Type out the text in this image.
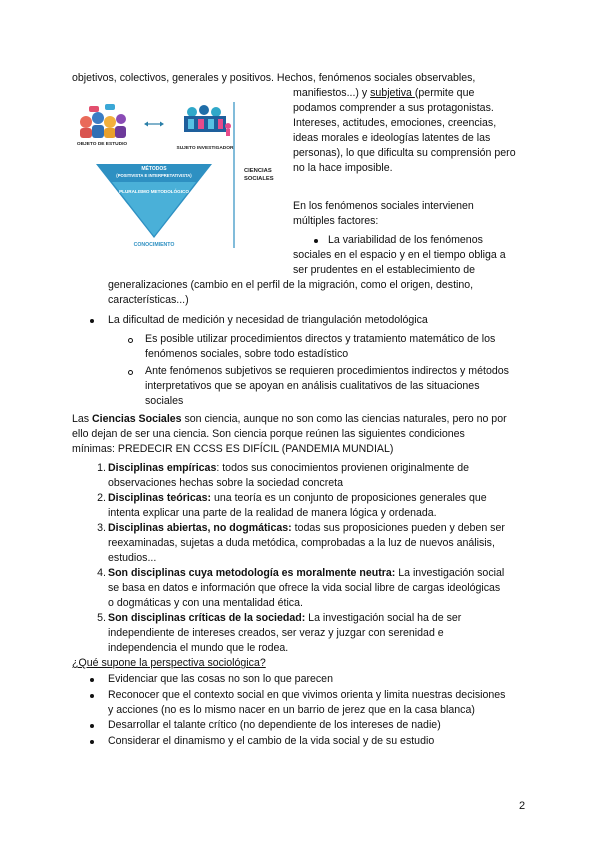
objetivos, colectivos, generales y positivos. Hechos, fenómenos sociales observables,

OBJETO DE ESTUDIO
SUJETO INVESTIGADOR
MÉTODOS
(POSITIVISTA E INTERPRETATIVISTA)
PLURALISMO METODOLÓGICO
CONOCIMIENTO
CIENCIAS
SOCIALES

manifiestos...) y subjetiva (permite que

podamos comprender a sus protagonistas.

Intereses, actitudes, emociones, creencias,

ideas morales e ideologías latentes de las

personas), lo que dificulta su comprensión pero

no la hace imposible.

En los fenómenos sociales intervienen

múltiples factores:

La variabilidad de los fenómenos

sociales en el espacio y en el tiempo obliga a

ser prudentes en el establecimiento de

generalizaciones (cambio en el perfil de la migración, como el origen, destino,

características...)

La dificultad de medición y necesidad de triangulación metodológica

Es posible utilizar procedimientos directos y tratamiento matemático de los

fenómenos sociales, sobre todo estadístico

Ante fenómenos subjetivos se requieren procedimientos indirectos y métodos

interpretativos que se apoyan en análisis cualitativos de las situaciones

sociales

Las Ciencias Sociales son ciencia, aunque no son como las ciencias naturales, pero no por

ello dejan de ser una ciencia. Son ciencia porque reúnen las siguientes condiciones

mínimas: PREDECIR EN CCSS ES DIFÍCIL (PANDEMIA MUNDIAL)

1. Disciplinas empíricas: todos sus conocimientos provienen originalmente de

observaciones hechas sobre la sociedad concreta

2. Disciplinas teóricas: una teoría es un conjunto de proposiciones generales que

intenta explicar una parte de la realidad de manera lógica y ordenada.

3. Disciplinas abiertas, no dogmáticas: todas sus proposiciones pueden y deben ser

reexaminadas, sujetas a duda metódica, comprobadas a la luz de nuevos análisis,

estudios...

4. Son disciplinas cuya metodología es moralmente neutra: La investigación social

se basa en datos e información que ofrece la vida social libre de cargas ideológicas

o dogmáticas y con una mentalidad ética.

5. Son disciplinas críticas de la sociedad: La investigación social ha de ser

independiente de intereses creados, ser veraz y juzgar con serenidad e

independencia el mundo que le rodea.

¿Qué supone la perspectiva sociológica?

Evidenciar que las cosas no son lo que parecen

Reconocer que el contexto social en que vivimos orienta y limita nuestras decisiones

y acciones (no es lo mismo nacer en un barrio de jerez que en la casa blanca)

Desarrollar el talante crítico (no dependiente de los intereses de nadie)

Considerar el dinamismo y el cambio de la vida social y de su estudio

2
